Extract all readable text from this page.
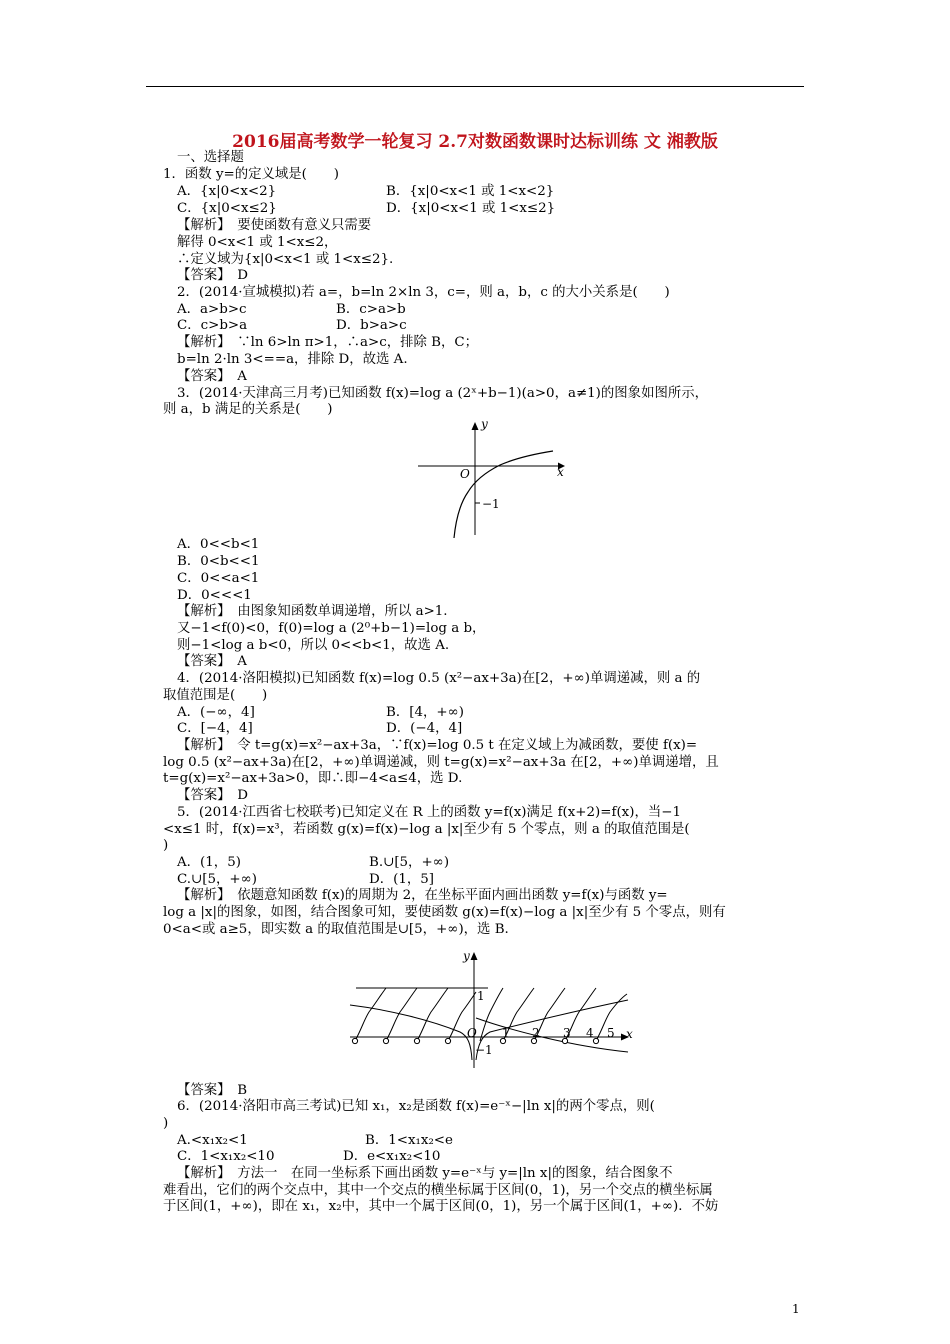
2016届高考数学一轮复习 2.7对数函数课时达标训练 文 湘教版
一、选择题
1．函数 y=的定义域是(　　)
A．{x|0<x<2}	B．{x|0<x<1 或 1<x<2}
C．{x|0<x≤2}	D．{x|0<x<1 或 1<x≤2}
【解析】　要使函数有意义只需要
解得 0<x<1 或 1<x≤2，
∴定义域为{x|0<x<1 或 1<x≤2}.
【答案】　D
2．(2014·宣城模拟)若 a=，b=ln 2×ln 3，c=，则 a，b，c 的大小关系是(　　)
A．a>b>c	B．c>a>b
C．c>b>a	D．b>a>c
【解析】　∵ln 6>ln π>1，∴a>c，排除 B，C；
b=ln 2·ln 3<==a，排除 D，故选 A.
【答案】　A
3．(2014·天津高三月考)已知函数 f(x)=log a (2ˣ+b−1)(a>0，a≠1)的图象如图所示，
则 a，b 满足的关系是(　　)
y
x
O
−1
A．0<<b<1
B．0<b<<1
C．0<<a<1
D．0<<<1
【解析】　由图象知函数单调递增，所以 a>1.
又−1<f(0)<0，f(0)=log a (2⁰+b−1)=log a b，
则−1<log a b<0，所以 0<<b<1，故选 A.
【答案】　A
4．(2014·洛阳模拟)已知函数 f(x)=log 0.5 (x²−ax+3a)在[2，+∞)单调递减，则 a 的
取值范围是(　　)
A．(−∞，4]	B．[4，+∞)
C．[−4，4]	D．(−4，4]
【解析】　令 t=g(x)=x²−ax+3a，∵f(x)=log 0.5 t 在定义域上为减函数，要使 f(x)=
log 0.5 (x²−ax+3a)在[2，+∞)单调递减，则 t=g(x)=x²−ax+3a 在[2，+∞)单调递增，且
t=g(x)=x²−ax+3a>0，即∴即−4<a≤4，选 D.
【答案】　D
5．(2014·江西省七校联考)已知定义在 R 上的函数 y=f(x)满足 f(x+2)=f(x)，当−1
<x≤1 时，f(x)=x³，若函数 g(x)=f(x)−log a |x|至少有 5 个零点，则 a 的取值范围是(
)
A．(1，5)	B.∪[5，+∞)
C.∪[5，+∞)	D．(1，5]
【解析】　依题意知函数 f(x)的周期为 2，在坐标平面内画出函数 y=f(x)与函数 y=
log a |x|的图象，如图，结合图象可知，要使函数 g(x)=f(x)−log a |x|至少有 5 个零点，则有
0<a<或 a≥5，即实数 a 的取值范围是∪[5，+∞)，选 B.
y
x
O
1
−1
1 2 3 4 5
【答案】　B
6．(2014·洛阳市高三考试)已知 x₁，x₂是函数 f(x)=e⁻ˣ−|ln x|的两个零点，则(
)
A.<x₁x₂<1	B．1<x₁x₂<e
C．1<x₁x₂<10	D．e<x₁x₂<10
【解析】　方法一　在同一坐标系下画出函数 y=e⁻ˣ与 y=|ln x|的图象，结合图象不
难看出，它们的两个交点中，其中一个交点的横坐标属于区间(0，1)，另一个交点的横坐标属
于区间(1，+∞)，即在 x₁，x₂中，其中一个属于区间(0，1)，另一个属于区间(1，+∞)．不妨
1
